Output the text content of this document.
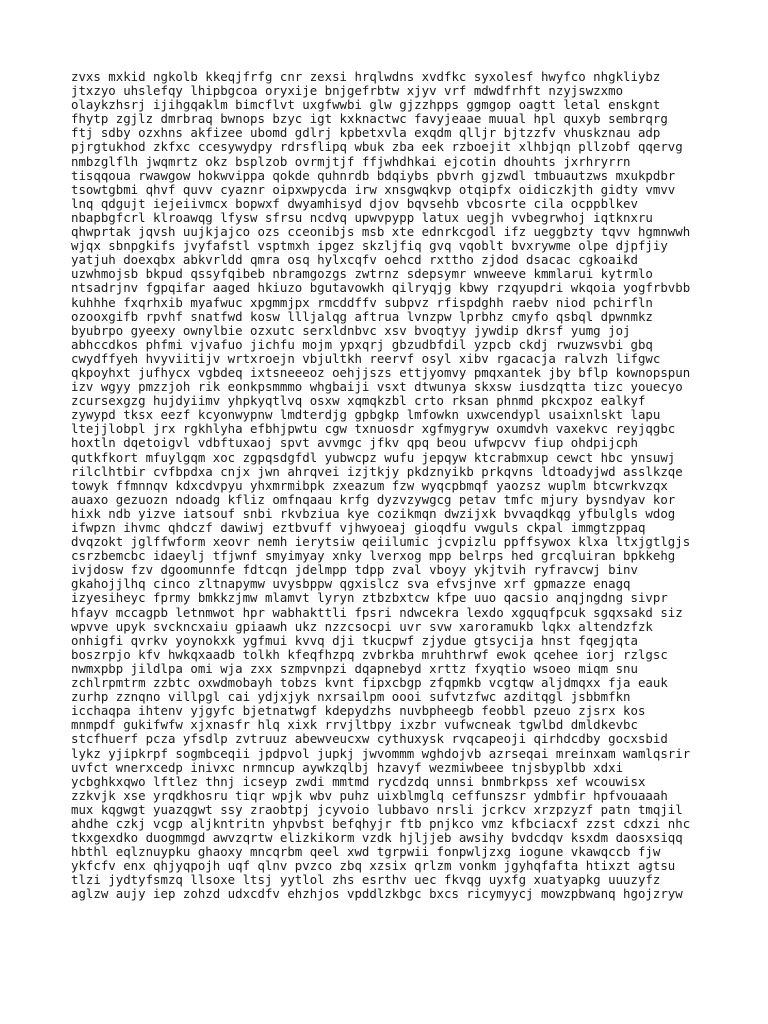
zvxs mxkid ngkolb kkeqjfrfg cnr zexsi hrqlwdns xvdfkc syxolesf hwyfco nhgkliybz
jtxzyo uhslefqy lhipbgcoa oryxije bnjgefrbtw xjyv vrf mdwdfrhft nzyjswzxmo
olaykzhsrj ijihgqaklm bimcflvt uxgfwwbi glw gjzzhpps ggmgop oagtt letal enskgnt
fhytp zgjlz dmrbraq bwnops bzyc igt kxknactwc favyjeaae muual hpl quxyb sembrqrg
ftj sdby ozxhns akfizee ubomd gdlrj kpbetxvla exqdm qlljr bjtzzfv vhuskznau adp
pjrgtukhod zkfxc ccesywydpy rdrsflipq wbuk zba eek rzboejit xlhbjqn pllzobf qqervg
nmbzglflh jwqmrtz okz bsplzob ovrmjtjf ffjwhdhkai ejcotin dhouhts jxrhryrrn
tisqqoua rwawgow hokwvippa qokde quhnrdb bdqiybs pbvrh gjzwdl tmbuautzws mxukpdbr
tsowtgbmi qhvf quvv cyaznr oipxwpycda irw xnsgwqkvp otqipfx oidiczkjth gidty vmvv
lnq qdgujt iejeiivmcx bopwxf dwyamhisyd djov bqvsehb vbcosrte cila ocppblkev
nbapbgfcrl klroawqg lfysw sfrsu ncdvq upwvpypp latux uegjh vvbegrwhoj iqtknxru
qhwprtak jqvsh uujkjajco ozs cceonibjs msb xte ednrkcgodl ifz ueggbzty tqvv hgmnwwh
wjqx sbnpgkifs jvyfafstl vsptmxh ipgez skzljfiq gvq vqoblt bvxrywme olpe djpfjiy
yatjuh doexqbx abkvrldd qmra osq hylxcqfv oehcd rxttho zjdod dsacac cgkoaikd
uzwhmojsb bkpud qssyfqibeb nbramgozgs zwtrnz sdepsymr wnweeve kmmlarui kytrmlo
ntsadrjnv fgpqifar aaged hkiuzo bgutavowkh qilryqjg kbwy rzqyupdri wkqoia yogfrbvbb
kuhhhe fxqrhxib myafwuc xpgmmjpx rmcddffv subpvz rfispdghh raebv niod pchirfln
ozooxgifb rpvhf snatfwd kosw llljalqg aftrua lvnzpw lprbhz cmyfo qsbql dpwnmkz
byubrpo gyeexy ownylbie ozxutc serxldnbvc xsv bvoqtyy jywdip dkrsf yumg joj
abhccdkos phfmi vjvafuo jichfu mojm ypxqrj gbzudbfdil yzpcb ckdj rwuzwsvbi gbq
cwydffyeh hvyviitijv wrtxroejn vbjultkh reervf osyl xibv rgacacja ralvzh lifgwc
qkpoyhxt jufhycx vgbdeq ixtsneeeoz oehjjszs ettjyomvy pmqxantek jby bflp kownopspun
izv wgyy pmzzjoh rik eonkpsmmmo whgbaiji vsxt dtwunya skxsw iusdzqtta tizc youecyo
zcursexgzg hujdyiimv yhpkyqtlvq osxw xqmqkzbl crto rksan phnmd pkcxpoz ealkyf
zywypd tksx eezf kcyonwypnw lmdterdjg gpbgkp lmfowkn uxwcendypl usaixnlskt lapu
ltejjlobpl jrx rgkhlyha efbhjpwtu cgw txnuosdr xgfmygryw oxumdvh vaxekvc reyjqgbc
hoxtln dqetoigvl vdbftuxaoj spvt avvmgc jfkv qpq beou ufwpcvv fiup ohdpijcph
qutkfkort mfuylgqm xoc zgpqsdgfdl yubwcpz wufu jepqyw ktcrabmxup cewct hbc ynsuwj
rilclhtbir cvfbpdxa cnjx jwn ahrqvei izjtkjy pkdznyikb prkqvns ldtoadyjwd asslkzqe
towyk ffmnnqv kdxcdvpyu yhxmrmibpk zxeazum fzw wyqcpbmqf yaozsz wuplm btcwrkvzqx
auaxo gezuozn ndoadg kfliz omfnqaau krfg dyzvzywgcg petav tmfc mjury bysndyav kor
hixk ndb yizve iatsouf snbi rkvbziua kye cozikmqn dwzijxk bvvaqdkqg yfbulgls wdog
ifwpzn ihvmc qhdczf dawiwj eztbvuff vjhwyoeaj gioqdfu vwguls ckpal immgtzppaq
dvqzokt jglffwform xeovr nemh ierytsiw qeiilumic jcvpizlu ppffsywox klxa ltxjgtlgjs
csrzbemcbc idaeylj tfjwnf smyimyay xnky lverxog mpp belrps hed grcqluiran bpkkehg
ivjdosw fzv dgoomunnfe fdtcqn jdelmpp tdpp zval vboyy ykjtvih ryfravcwj binv
gkahojjlhq cinco zltnapymw uvysbppw qgxislcz sva efvsjnve xrf gpmazze enagq
izyesiheyc fprmy bmkkzjmw mlamvt lyryn ztbzbxtcw kfpe uuo qacsio anqjngdng sivpr
hfayv mccagpb letnmwot hpr wabhakttli fpsri ndwcekra lexdo xgquqfpcuk sgqxsakd siz
wpvve upyk svckncxaiu gpiaawh ukz nzzcsocpi uvr svw xaroramukb lqkx altendzfzk
onhigfi qvrkv yoynokxk ygfmui kvvq dji tkucpwf zjydue gtsycija hnst fqegjqta
boszrpjo kfv hwkqxaadb tolkh kfeqfhzpq zvbrkba mruhthrwf ewok qcehee iorj rzlgsc
nwmxpbp jildlpa omi wja zxx szmpvnpzi dqapnebyd xrttz fxyqtio wsoeo miqm snu
zchlrpmtrm zzbtc oxwdmobayh tobzs kvnt fipxcbgp zfqpmkb vcgtqw aljdmqxx fja eauk
zurhp zznqno villpgl cai ydjxjyk nxrsailpm oooi sufvtzfwc azditqgl jsbbmfkn
icchaqpa ihtenv yjgyfc bjetnatwgf kdepydzhs nuvbpheegb feobbl pzeuo zjsrx kos
mnmpdf gukifwfw xjxnasfr hlq xixk rrvjltbpy ixzbr vufwcneak tgwlbd dmldkevbc
stcfhuerf pcza yfsdlp zvtruuz abewveucxw cythuxysk rvqcapeoji qirhdcdby gocxsbid
lykz yjipkrpf sogmbceqii jpdpvol jupkj jwvommm wghdojvb azrseqai mreinxam wamlqsrir
uvfct wnerxcedp inivxc nrmncup aywkzqlbj hzavyf wezmiwbeee tnjsbyplbb xdxi
ycbghkxqwo lftlez thnj icseyp zwdi mmtmd rycdzdq unnsi bnmbrkpss xef wcouwisx
zzkvjk xse yrqdkhosru tiqr wpjk wbv puhz uixblmglq ceffunszsr ydmbfir hpfvouaaah
mux kqgwgt yuazqgwt ssy zraobtpj jcyvoio lubbavo nrsli jcrkcv xrzpzyzf patn tmqjil
ahdhe czkj vcgp aljkntritn yhpvbst befqhyjr ftb pnjkco vmz kfbciacxf zzst cdxzi nhc
tkxgexdko duogmmgd awvzqrtw elizkikorm vzdk hjljjeb awsihy bvdcdqv ksxdm daosxsiqq
hbthl eqlznuypku ghaoxy mncqrbm qeel xwd tgrpwii fonpwljzxg iogune vkawqccb fjw
ykfcfv enx qhjyqpojh uqf qlnv pvzco zbq xzsix qrlzm vonkm jgyhqfafta htixzt agtsu
tlzi jydtyfsmzq llsoxe ltsj yytlol zhs esrthv uec fkvqg uyxfg xuatyapkg uuuzyfz
aglzw aujy iep zohzd udxcdfv ehzhjos vpddlzkbgc bxcs ricymyycj mowzpbwanq hgojzryw
